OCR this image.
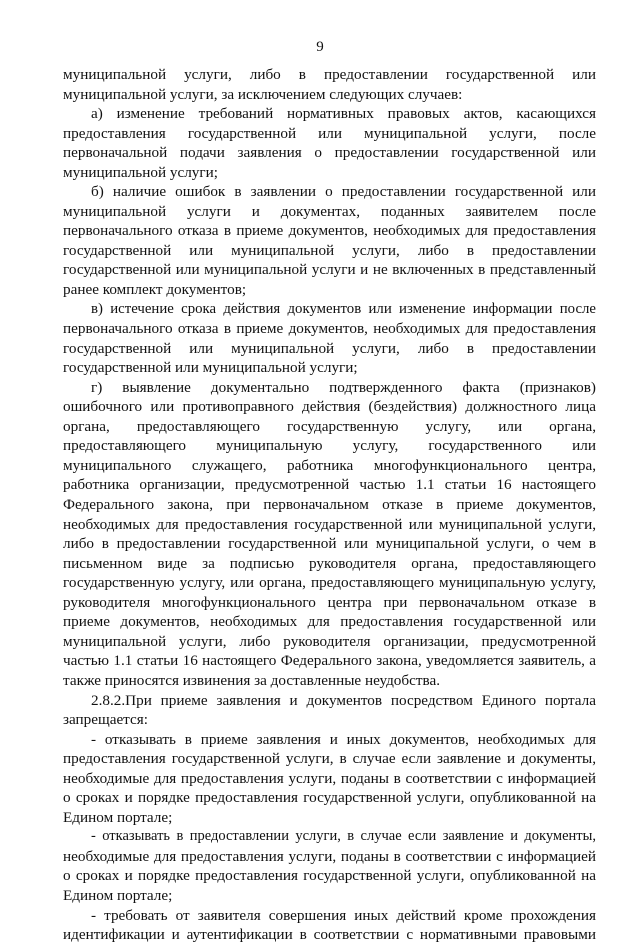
9
муниципальной услуги, либо в предоставлении государственной или
муниципальной услуги, за исключением следующих случаев:
а) изменение требований нормативных правовых актов, касающихся
предоставления государственной или муниципальной услуги, после
первоначальной подачи заявления о предоставлении государственной или
муниципальной услуги;
б) наличие ошибок в заявлении о предоставлении государственной или
муниципальной услуги и документах, поданных заявителем после
первоначального отказа в приеме документов, необходимых для предоставления
государственной или муниципальной услуги, либо в предоставлении
государственной или муниципальной услуги и не включенных в представленный
ранее комплект документов;
в) истечение срока действия документов или изменение информации после
первоначального отказа в приеме документов, необходимых для предоставления
государственной или муниципальной услуги, либо в предоставлении
государственной или муниципальной услуги;
г) выявление документально подтвержденного факта (признаков)
ошибочного или противоправного действия (бездействия) должностного лица
органа, предоставляющего государственную услугу, или органа,
предоставляющего муниципальную услугу, государственного или
муниципального служащего, работника многофункционального центра,
работника организации, предусмотренной частью 1.1 статьи 16 настоящего
Федерального закона, при первоначальном отказе в приеме документов,
необходимых для предоставления государственной или муниципальной услуги,
либо в предоставлении государственной или муниципальной услуги, о чем в
письменном виде за подписью руководителя органа, предоставляющего
государственную услугу, или органа, предоставляющего муниципальную услугу,
руководителя многофункционального центра при первоначальном отказе в
приеме документов, необходимых для предоставления государственной или
муниципальной услуги, либо руководителя организации, предусмотренной
частью 1.1 статьи 16 настоящего Федерального закона, уведомляется заявитель, а
также приносятся извинения за доставленные неудобства.
2.8.2.При приеме заявления и документов посредством Единого портала
запрещается:
- отказывать в приеме заявления и иных документов, необходимых для
предоставления государственной услуги, в случае если заявление и документы,
необходимые для предоставления услуги, поданы в соответствии с информацией
о сроках и порядке предоставления государственной услуги, опубликованной на
Едином портале;
- отказывать в предоставлении услуги, в случае если заявление и документы,
необходимые для предоставления услуги, поданы в соответствии с информацией
о сроках и порядке предоставления государственной услуги, опубликованной на
Едином портале;
- требовать от заявителя совершения иных действий кроме прохождения
идентификации и аутентификации в соответствии с нормативными правовыми
